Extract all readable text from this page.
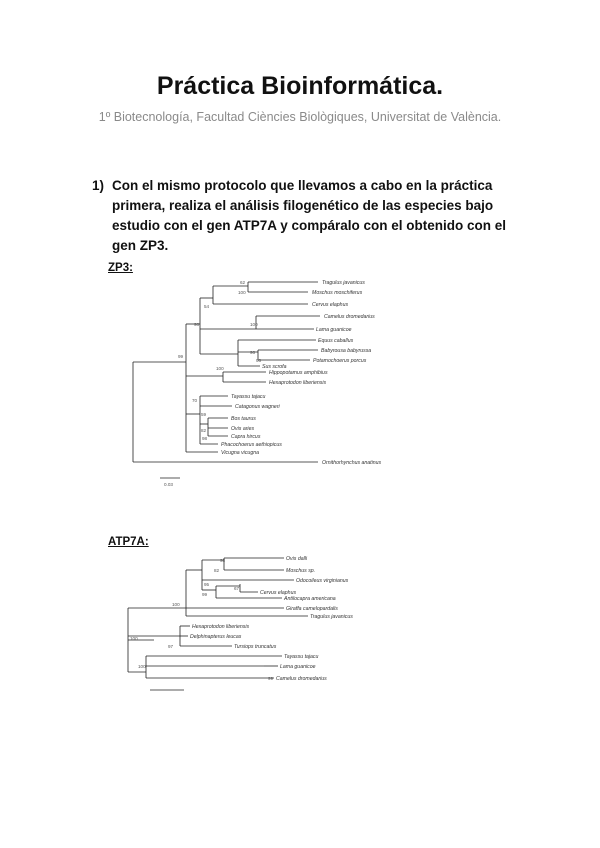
Práctica Bioinformática.

1º Biotecnología, Facultad Ciències Biològiques, Universitat de València.

1) Con el mismo protocolo que llevamos a cabo en la práctica primera, realiza el análisis filogenético de las especies bajo estudio con el gen ATP7A y compáralo con el obtenido con el gen ZP3.

ZP3:

Tragulus javanicus
Moschus moschiferus
Cervus elaphus
Camelus dromedarius
Lama guanicoe
Equus caballus
Babyrousa babyrussa
Potamochoerus porcus
Sus scrofa
Hippopotamus amphibius
Hexaprotodon liberiensis
Tayassu tajacu
Catagonus wagneri
Bos taurus
Ovis aries
Capra hircus
Phacochoerus aethiopicus
Vicugna vicugna
Ornithorhynchus anatinus
62
100
54
98	100
96
99
100
70
59
82
96
98
0.03

ATP7A:

Ovis dalli
Moschus sp.
Odocoileus virginianus
Cervus elaphus
Antilocapra americana
Giraffa camelopardalis
Tragulus javanicus
Hexaprotodon liberiensis
Delphinapterus leucas
Tursiops truncatus
Tayassu tajacu
Lama guanicoe
Camelus dromedarius
98
82
95
67
99
100
100
97
100
99
